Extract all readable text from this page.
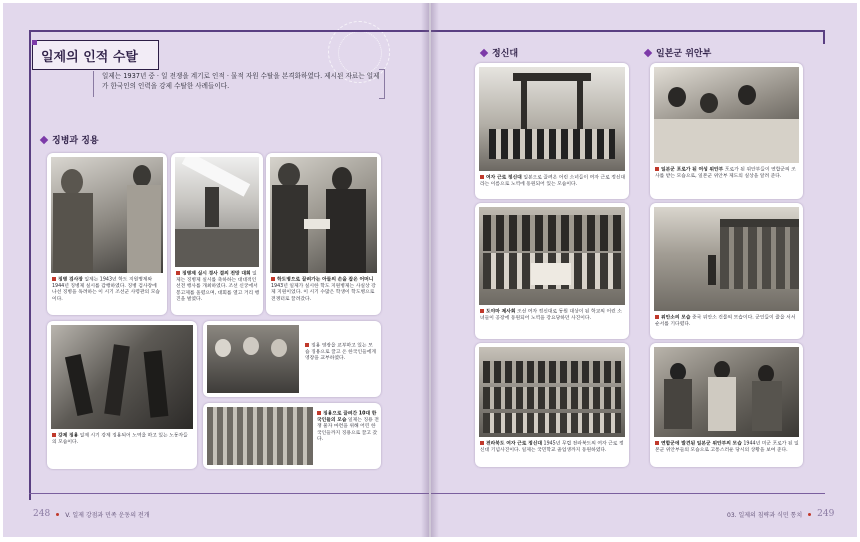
일제의 인적 수탈
일제는 1937년 중 · 일 전쟁을 계기로 인적 · 물적 자원 수탈을 본격화하였다. 제시된 자료는 일제가 한국인의 인력을 강제 수탈한 사례들이다.
징병과 징용
징병 검사장 일제는 1943년 학도 지원병제와 1944년 징병제 실시를 감행하였다. 징병 검사장에 나선 징병을 독려하는 이 시기 조선군 사령관의 모습이다.
징병제 실시 경사 결의 전망 대회 일제는 징병제 실시를 축하하는 대대적인 선전 행사를 개최하였다. 조선 신궁에서 봉고제를 올렸으며, 대회를 열고 거리 행진을 벌였다.
학도병으로 끌려가는 아들의 손을 잡은 어머니 1943년 일제가 실시한 학도 지원병제는 사실상 강제 지원이었다. 이 시기 수많은 학생이 학도병으로 전쟁터로 끌려갔다.
강제 징용 일제 시기 강제 징용되어 노역을 하고 있는 노동자들의 모습이다.
징용 영장을 교부하고 있는 모습 징용으로 끌고 온 한국인들에게 영장을 교부하였다.
징용으로 끌려간 10대 한국인들의 모습 일제는 징용 전쟁 물자 마련을 위해 어린 한국인들까지 징용으로 끌고 갔다.
248	V. 일제 강점과 민족 운동의 전개
정신대	일본군 위안부
여자 근로 정신대 일본으로 끌려온 어린 소녀들이 여자 근로 정신대라는 이름으로 노역에 동원되어 있는 모습이다.
도야마 제사회 조선 여자 정신대로 동원 대상이 된 학교의 어린 소녀들이 공장에 동원되어 노역을 강요당하던 사진이다.
전라북도 여자 근로 정신대 1945년 무렵 전라북도의 여자 근로 정신대 기념사진이다. 일제는 국민학교 졸업생까지 동원하였다.
일본군 포로가 된 여성 위안부 포로가 된 위안부들이 연합군의 조사를 받는 모습으로, 일본군 위안부 제도의 실상을 알려 준다.
위안소의 모습 중국 위안소 건물의 모습이다. 군인들이 줄을 서서 순서를 기다렸다.
연합군에 발견된 일본군 위안부의 모습 1944년 미군 포로가 된 일본군 위안부들의 모습으로 고통스러운 당시의 상황을 보여 준다.
03. 일제의 침략과 식민 통치 249
